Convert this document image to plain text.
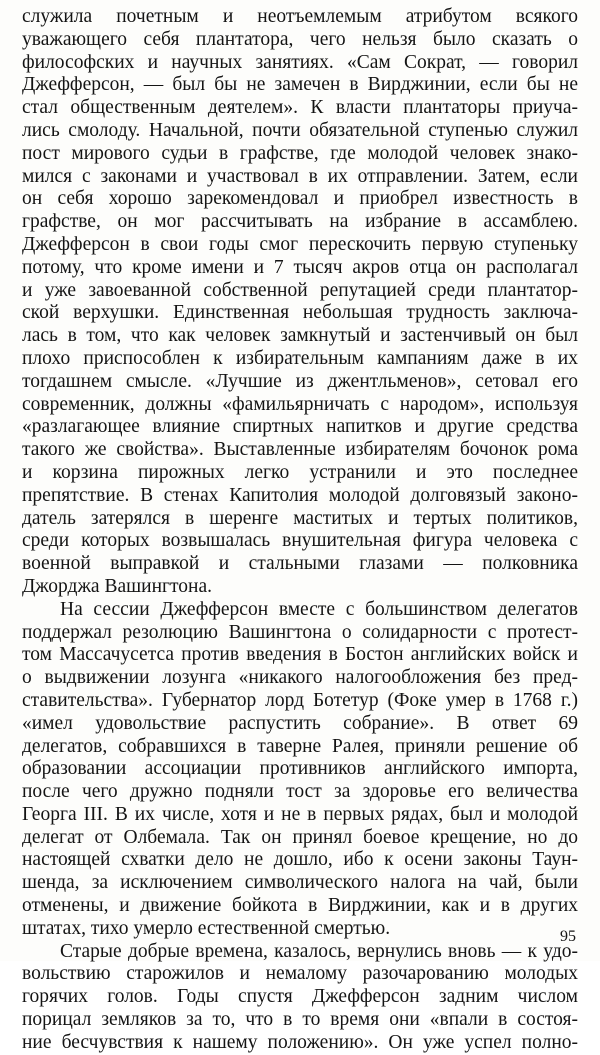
служила почетным и неотъемлемым атрибутом всякого
уважающего себя плантатора, чего нельзя было сказать о
философских и научных занятиях. «Сам Сократ, — говорил
Джефферсон, — был бы не замечен в Вирджинии, если бы не
стал общественным деятелем». К власти плантаторы приуча-
лись смолоду. Начальной, почти обязательной ступенью служил
пост мирового судьи в графстве, где молодой человек знако-
мился с законами и участвовал в их отправлении. Затем, если
он себя хорошо зарекомендовал и приобрел известность в
графстве, он мог рассчитывать на избрание в ассамблею.
Джефферсон в свои годы смог перескочить первую ступеньку
потому, что кроме имени и 7 тысяч акров отца он располагал
и уже завоеванной собственной репутацией среди плантатор-
ской верхушки. Единственная небольшая трудность заключа-
лась в том, что как человек замкнутый и застенчивый он был
плохо приспособлен к избирательным кампаниям даже в их
тогдашнем смысле. «Лучшие из джентльменов», сетовал его
современник, должны «фамильярничать с народом», используя
«разлагающее влияние спиртных напитков и другие средства
такого же свойства». Выставленные избирателям бочонок рома
и корзина пирожных легко устранили и это последнее
препятствие. В стенах Капитолия молодой долговязый законо-
датель затерялся в шеренге маститых и тертых политиков,
среди которых возвышалась внушительная фигура человека с
военной выправкой и стальными глазами — полковника
Джорджа Вашингтона.
На сессии Джефферсон вместе с большинством делегатов
поддержал резолюцию Вашингтона о солидарности с протест-
том Массачусетса против введения в Бостон английских войск и
о выдвижении лозунга «никакого налогообложения без пред-
ставительства». Губернатор лорд Ботетур (Фоке умер в 1768 г.)
«имел удовольствие распустить собрание». В ответ 69
делегатов, собравшихся в таверне Ралея, приняли решение об
образовании ассоциации противников английского импорта,
после чего дружно подняли тост за здоровье его величества
Георга III. В их числе, хотя и не в первых рядах, был и молодой
делегат от Олбемала. Так он принял боевое крещение, но до
настоящей схватки дело не дошло, ибо к осени законы Таун-
шенда, за исключением символического налога на чай, были
отменены, и движение бойкота в Вирджинии, как и в других
штатах, тихо умерло естественной смертью.
Старые добрые времена, казалось, вернулись вновь — к удо-
вольствию старожилов и немалому разочарованию молодых
горячих голов. Годы спустя Джефферсон задним числом
порицал земляков за то, что в то время они «впали в состоя-
ние бесчувствия к нашему положению». Он уже успел полно-
95
